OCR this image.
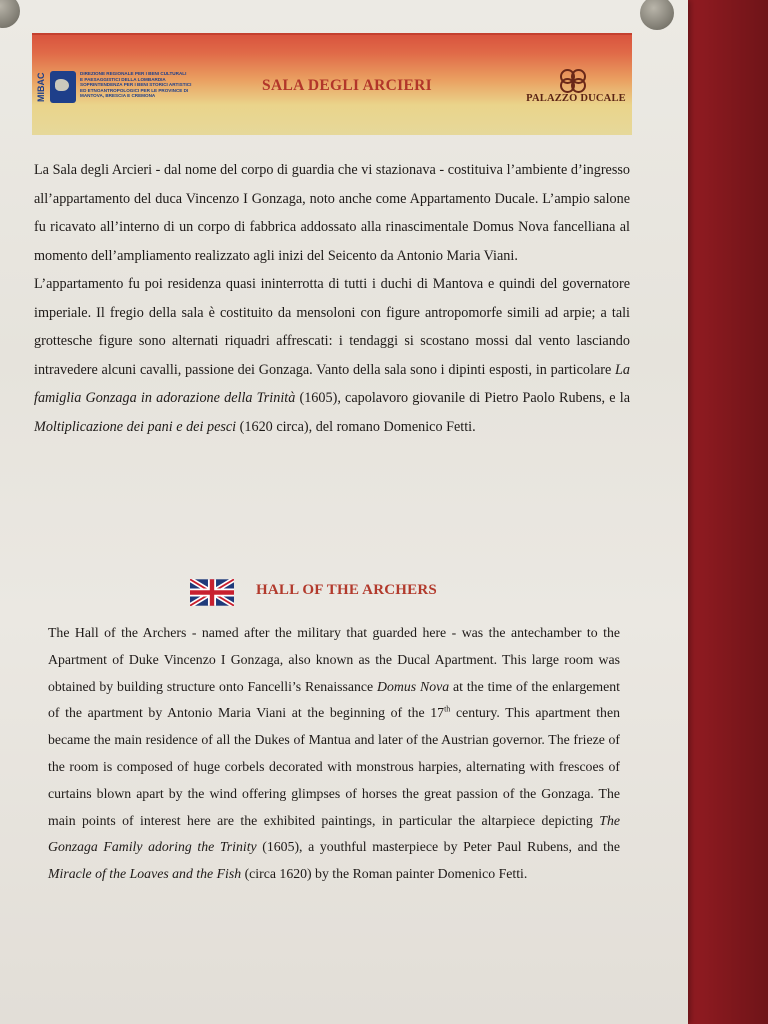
MIBAC	DIREZIONE REGIONALE PER I BENI CULTURALI
E PAESAGGISTICI DELLA LOMBARDIA
SOPRINTENDENZA PER I BENI STORICI ARTISTICI
ED ETNOANTROPOLOGICI PER LE PROVINCE DI
MANTOVA, BRESCIA E CREMONA
SALA DEGLI ARCIERI
PALAZZO DUCALE

La Sala degli Arcieri - dal nome del corpo di guardia che vi stazionava - costituiva l’ambiente d’ingresso all’appartamento del duca Vincenzo I Gonzaga, noto anche come Appartamento Ducale. L’ampio salone fu ricavato all’interno di un corpo di fabbrica addossato alla rinascimentale Domus Nova fancelliana al momento dell’ampliamento realizzato agli inizi del Seicento da Antonio Maria Viani.

L’appartamento fu poi residenza quasi ininterrotta di tutti i duchi di Mantova e quindi del governatore imperiale. Il fregio della sala è costituito da mensoloni con figure antropomorfe simili ad arpie; a tali grottesche figure sono alternati riquadri affrescati: i tendaggi si scostano mossi dal vento lasciando intravedere alcuni cavalli, passione dei Gonzaga. Vanto della sala sono i dipinti esposti, in particolare La famiglia Gonzaga in adorazione della Trinità (1605), capolavoro giovanile di Pietro Paolo Rubens, e la Moltiplicazione dei pani e dei pesci (1620 circa), del romano Domenico Fetti.

HALL OF THE ARCHERS

The Hall of the Archers - named after the military that guarded here - was the antechamber to the Apartment of Duke Vincenzo I Gonzaga, also known as the Ducal Apartment. This large room was obtained by building structure onto Fancelli’s Renaissance Domus Nova at the time of the enlargement of the apartment by Antonio Maria Viani at the beginning of the 17th century. This apartment then became the main residence of all the Dukes of Mantua and later of the Austrian governor. The frieze of the room is composed of huge corbels decorated with monstrous harpies, alternating with frescoes of curtains blown apart by the wind offering glimpses of horses the great passion of the Gonzaga. The main points of interest here are the exhibited paintings, in particular the altarpiece depicting The Gonzaga Family adoring the Trinity (1605), a youthful masterpiece by Peter Paul Rubens, and the Miracle of the Loaves and the Fish (circa 1620) by the Roman painter Domenico Fetti.
